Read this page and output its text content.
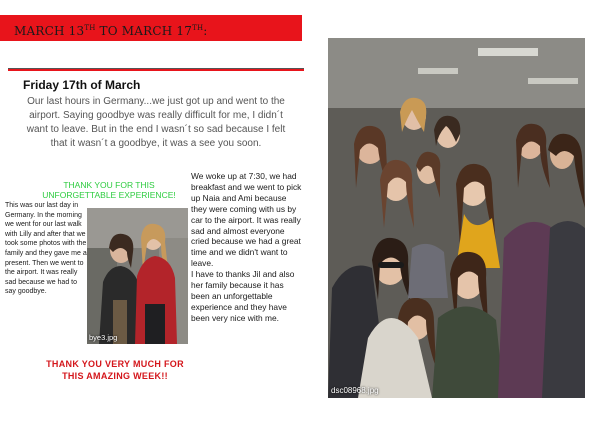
MARCH 13TH TO MARCH 17TH:
Friday 17th of March
Our last hours in Germany...we just got up and went to the airport. Saying goodbye was really difficult for me, I didn´t want to leave. But in the end I wasn´t so sad because I felt that it wasn´t a goodbye, it was a see you soon.
THANK YOU FOR THIS UNFORGETTABLE EXPERIENCE!
This was our last day in Germany. In the morning we went for our last walk with Lilly and after that we took some photos with the family and they gave me a present. Then we went to the airport. It was really sad because we had to say goodbye.
bye3.jpg
We woke up at 7:30, we had breakfast and we went to pick up Naia and Ami because they were coming with us by car to the airport. It was really sad and almost everyone cried because we had a great time and we didn't want to leave.
I have to thanks Jil and also her family because it has been an unforgettable experience and they have been very nice with me.
THANK YOU VERY MUCH FOR THIS AMAZING WEEK!!
dsc08968.jpg
